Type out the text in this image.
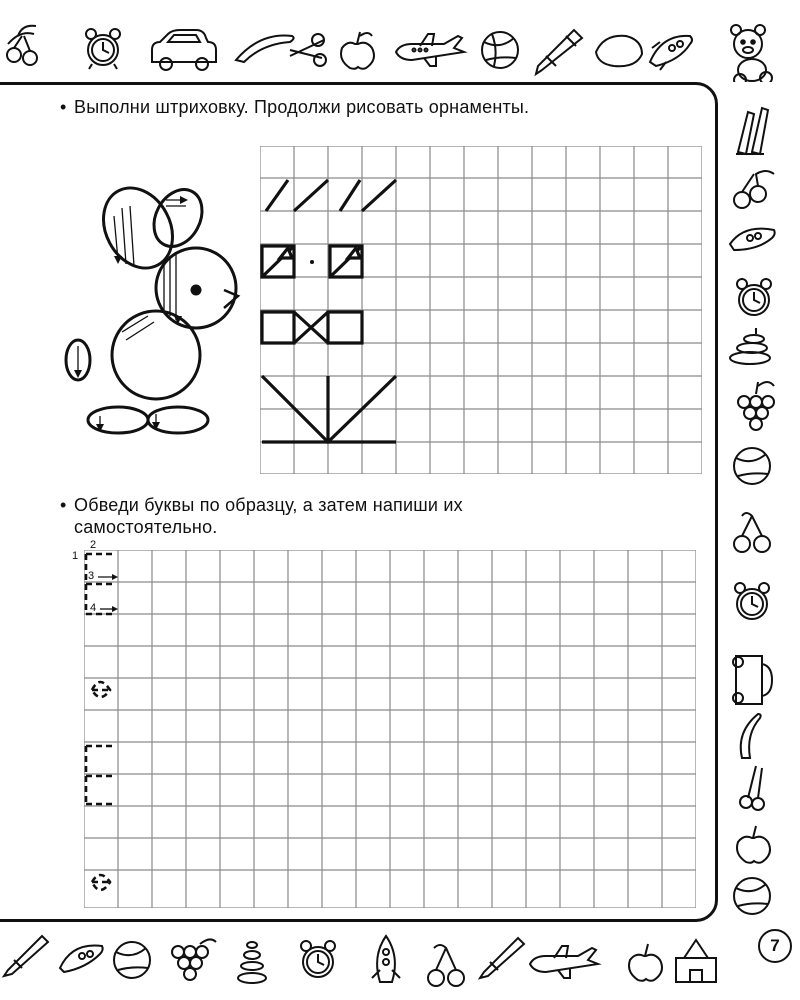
7
• Выполни штриховку. Продолжи рисовать орнаменты.
• Обведи буквы по образцу, а затем напиши их
самостоятельно.
1
2
3
4
